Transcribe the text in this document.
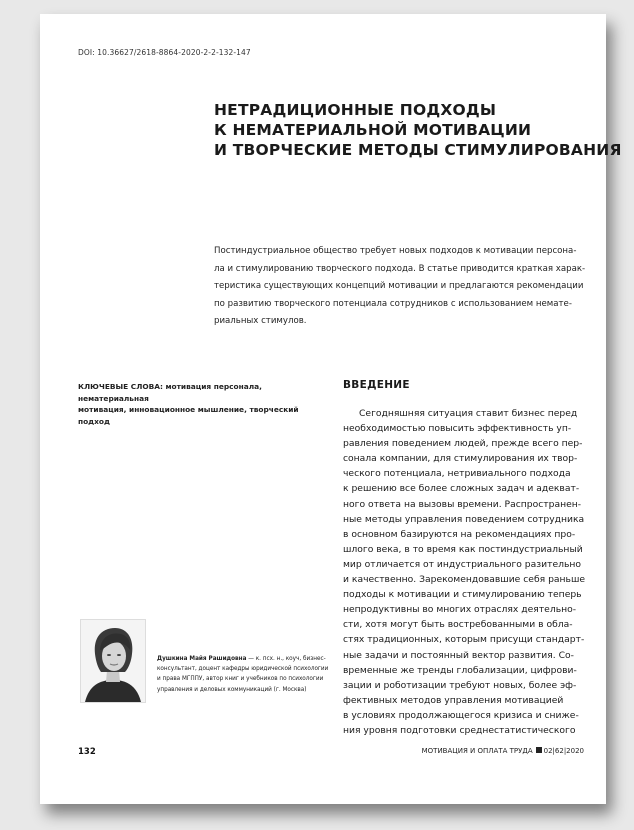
DOI: 10.36627/2618-8864-2020-2-2-132-147
НЕТРАДИЦИОННЫЕ ПОДХОДЫ
К НЕМАТЕРИАЛЬНОЙ МОТИВАЦИИ
И ТВОРЧЕСКИЕ МЕТОДЫ СТИМУЛИРОВАНИЯ
Постиндустриальное общество требует новых подходов к мотивации персона-
ла и стимулированию творческого подхода. В статье приводится краткая харак-
теристика существующих концепций мотивации и предлагаются рекомендации
по развитию творческого потенциала сотрудников с использованием немате-
риальных стимулов.
КЛЮЧЕВЫЕ СЛОВА: мотивация персонала, нематериальная
мотивация, инновационное мышление, творческий подход
ВВЕДЕНИЕ
Сегодняшняя ситуация ставит бизнес перед
необходимостью повысить эффективность уп-
равления поведением людей, прежде всего пер-
сонала компании, для стимулирования их твор-
ческого потенциала, нетривиального подхода
к решению все более сложных задач и адекват-
ного ответа на вызовы времени. Распространен-
ные методы управления поведением сотрудника
в основном базируются на рекомендациях про-
шлого века, в то время как постиндустриальный
мир отличается от индустриального разительно
и качественно. Зарекомендовавшие себя раньше
подходы к мотивации и стимулированию теперь
непродуктивны во многих отраслях деятельно-
сти, хотя могут быть востребованными в обла-
стях традиционных, которым присущи стандарт-
ные задачи и постоянный вектор развития. Со-
временные же тренды глобализации, цифрови-
зации и роботизации требуют новых, более эф-
фективных методов управления мотивацией
в условиях продолжающегося кризиса и сниже-
ния уровня подготовки среднестатистического
Душкина Майя Рашидовна — к. псх. н., коуч, бизнес-
консультант, доцент кафедры юридической психологии
и права МГППУ, автор книг и учебников по психологии
управления и деловых коммуникаций (г. Москва)
132	МОТИВАЦИЯ И ОПЛАТА ТРУДА 02|62|2020
